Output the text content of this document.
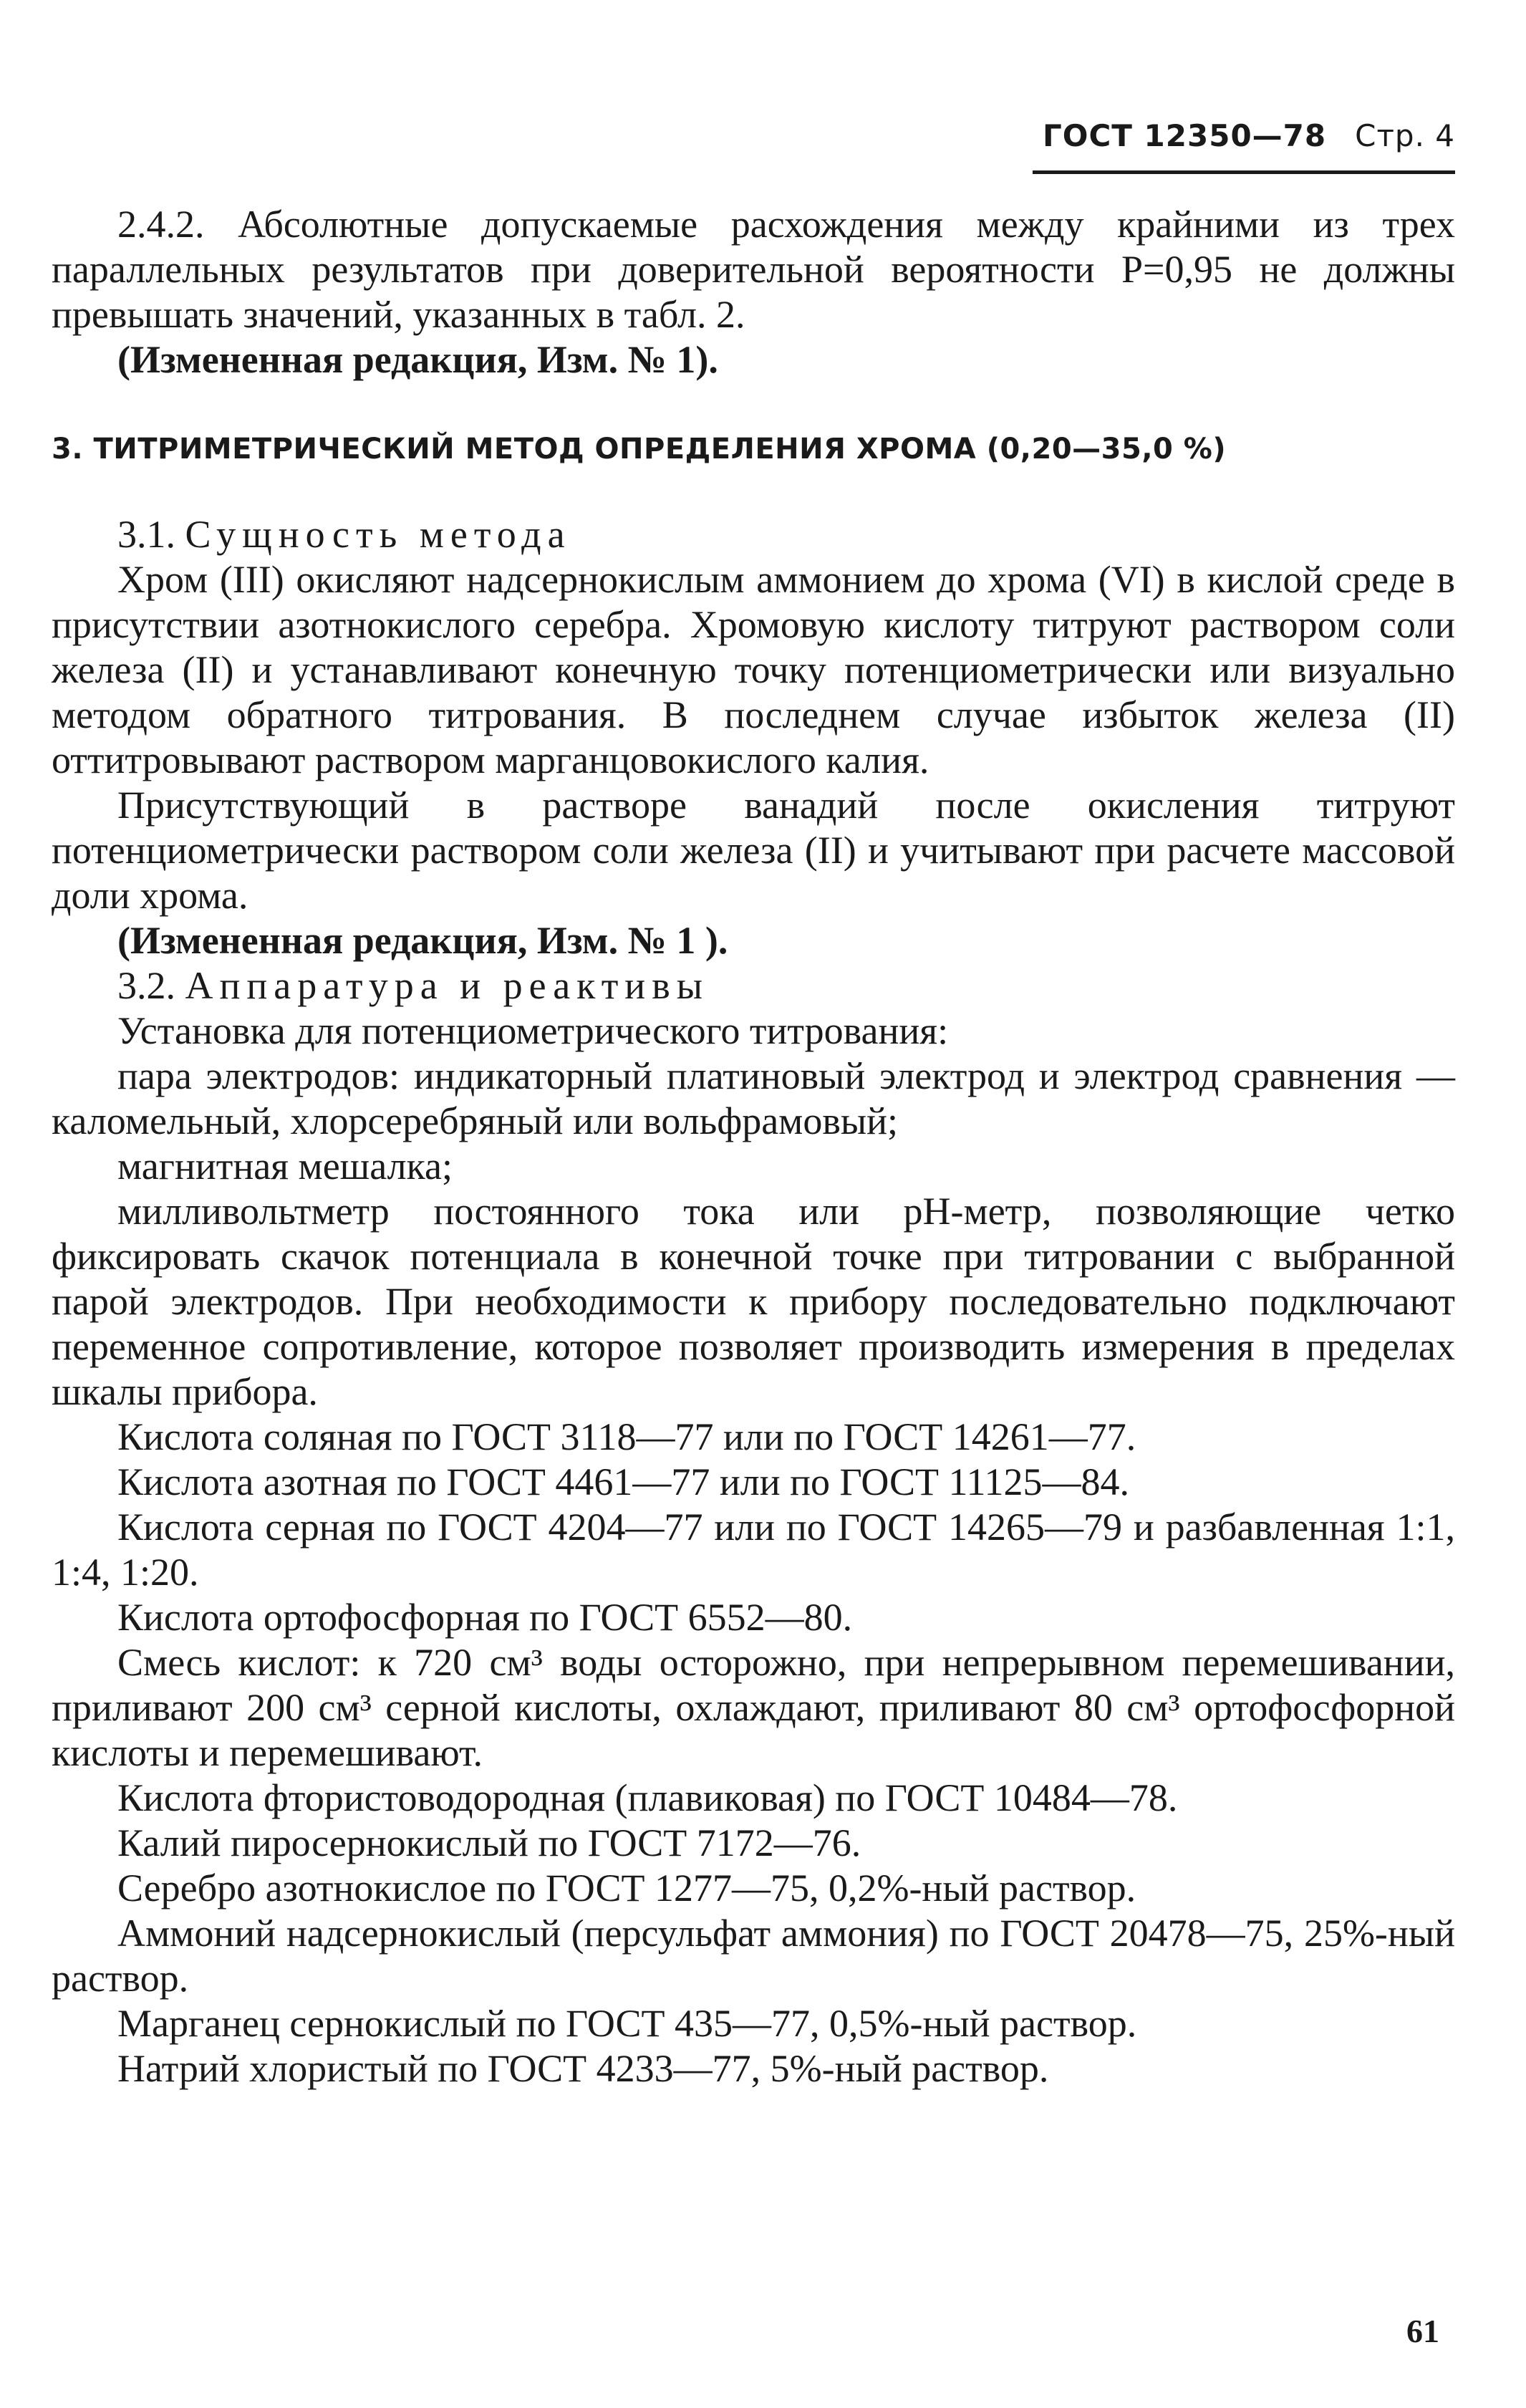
ГОСТ 12350—78 Стр. 4

2.4.2. Абсолютные допускаемые расхождения между крайними из трех параллельных результатов при доверительной вероятности P=0,95 не должны превышать значений, указанных в табл. 2.

(Измененная редакция, Изм. № 1).

3. ТИТРИМЕТРИЧЕСКИЙ МЕТОД ОПРЕДЕЛЕНИЯ ХРОМА (0,20—35,0 %)

3.1. Сущность метода

Хром (III) окисляют надсернокислым аммонием до хрома (VI) в кислой среде в присутствии азотнокислого серебра. Хромовую кислоту титруют раствором соли железа (II) и устанавливают конечную точку потенциометрически или визуально методом обратного титрования. В последнем случае избыток железа (II) оттитровывают раствором марганцовокислого калия.

Присутствующий в растворе ванадий после окисления титруют потенциометрически раствором соли железа (II) и учитывают при расчете массовой доли хрома.

(Измененная редакция, Изм. № 1 ).

3.2. Аппаратура и реактивы

Установка для потенциометрического титрования:

пара электродов: индикаторный платиновый электрод и электрод сравнения — каломельный, хлорсеребряный или вольфрамовый;

магнитная мешалка;

милливольтметр постоянного тока или pH-метр, позволяющие четко фиксировать скачок потенциала в конечной точке при титровании с выбранной парой электродов. При необходимости к прибору последовательно подключают переменное сопротивление, которое позволяет производить измерения в пределах шкалы прибора.

Кислота соляная по ГОСТ 3118—77 или по ГОСТ 14261—77.

Кислота азотная по ГОСТ 4461—77 или по ГОСТ 11125—84.

Кислота серная по ГОСТ 4204—77 или по ГОСТ 14265—79 и разбавленная 1:1, 1:4, 1:20.

Кислота ортофосфорная по ГОСТ 6552—80.

Смесь кислот: к 720 см³ воды осторожно, при непрерывном перемешивании, приливают 200 см³ серной кислоты, охлаждают, приливают 80 см³ ортофосфорной кислоты и перемешивают.

Кислота фтористоводородная (плавиковая) по ГОСТ 10484—78.

Калий пиросернокислый по ГОСТ 7172—76.

Серебро азотнокислое по ГОСТ 1277—75, 0,2%-ный раствор.

Аммоний надсернокислый (персульфат аммония) по ГОСТ 20478—75, 25%-ный раствор.

Марганец сернокислый по ГОСТ 435—77, 0,5%-ный раствор.

Натрий хлористый по ГОСТ 4233—77, 5%-ный раствор.

61
